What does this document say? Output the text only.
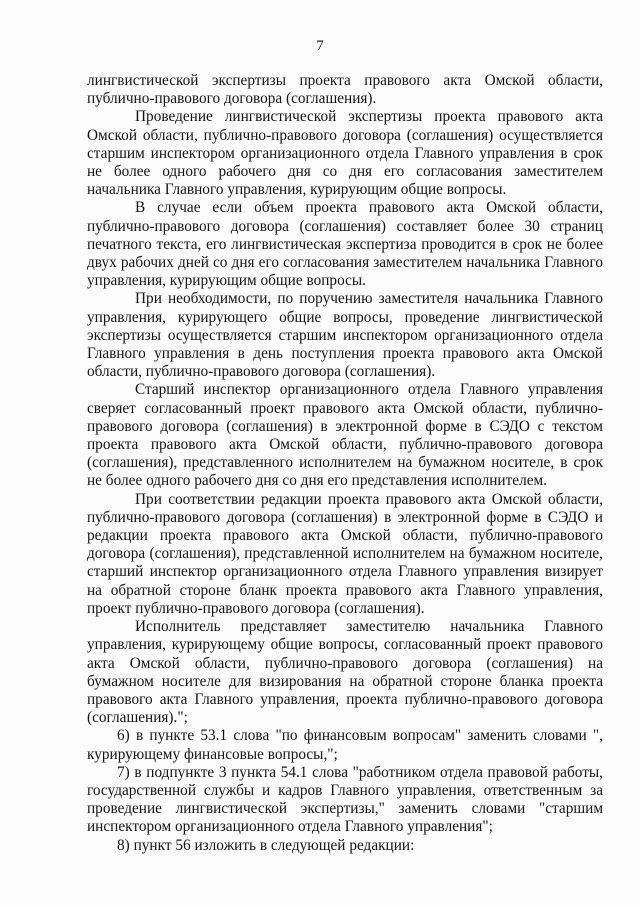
7

лингвистической экспертизы проекта правового акта Омской области, публично-правового договора (соглашения).

Проведение лингвистической экспертизы проекта правового акта Омской области, публично-правового договора (соглашения) осуществляется старшим инспектором организационного отдела Главного управления в срок не более одного рабочего дня со дня его согласования заместителем начальника Главного управления, курирующим общие вопросы.

В случае если объем проекта правового акта Омской области, публично-правового договора (соглашения) составляет более 30 страниц печатного текста, его лингвистическая экспертиза проводится в срок не более двух рабочих дней со дня его согласования заместителем начальника Главного управления, курирующим общие вопросы.

При необходимости, по поручению заместителя начальника Главного управления, курирующего общие вопросы, проведение лингвистической экспертизы осуществляется старшим инспектором организационного отдела Главного управления в день поступления проекта правового акта Омской области, публично-правового договора (соглашения).

Старший инспектор организационного отдела Главного управления сверяет согласованный проект правового акта Омской области, публично-правового договора (соглашения) в электронной форме в СЭДО с текстом проекта правового акта Омской области, публично-правового договора (соглашения), представленного исполнителем на бумажном носителе, в срок не более одного рабочего дня со дня его представления исполнителем.

При соответствии редакции проекта правового акта Омской области, публично-правового договора (соглашения) в электронной форме в СЭДО и редакции проекта правового акта Омской области, публично-правового договора (соглашения), представленной исполнителем на бумажном носителе, старший инспектор организационного отдела Главного управления визирует на обратной стороне бланк проекта правового акта Главного управления, проект публично-правового договора (соглашения).

Исполнитель представляет заместителю начальника Главного управления, курирующему общие вопросы, согласованный проект правового акта Омской области, публично-правового договора (соглашения) на бумажном носителе для визирования на обратной стороне бланка проекта правового акта Главного управления, проекта публично-правового договора (соглашения).";

6) в пункте 53.1 слова "по финансовым вопросам" заменить словами ", курирующему финансовые вопросы,";

7) в подпункте 3 пункта 54.1 слова "работником отдела правовой работы, государственной службы и кадров Главного управления, ответственным за проведение лингвистической экспертизы," заменить словами "старшим инспектором организационного отдела Главного управления";

8) пункт 56 изложить в следующей редакции:
